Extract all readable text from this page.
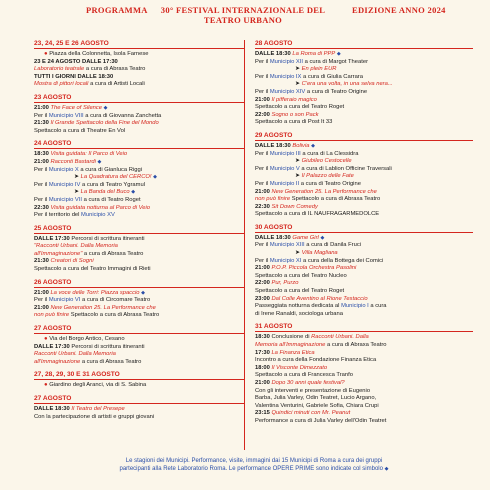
PROGRAMMA	30° FESTIVAL INTERNAZIONALE DEL
TEATRO URBANO
EDIZIONE ANNO 2024
23, 24, 25 E 26 AGOSTO
● Piazza della Colonnetta, Isola Farnese
23 E 24 AGOSTO DALLE 17:30
Laboratorio teatrale a cura di Abraxa Teatro
TUTTI I GIORNI DALLE 18:30
Mostra di pittori locali a cura di Artisti Locali
23 AGOSTO
21:00 The Face of Silence ◆
Per il Municipio VIII a cura di Giovanna Zanchetta
21:30 Il Grande Spettacolo della Fine del Mondo
Spettacolo a cura di Theatre En Vol
24 AGOSTO
18:30 Visita guidata: Il Parco di Veio
21:00 Racconti Bastardi ◆
Per il Municipio X a cura di Gianluca Riggi
➤ La Quadratura del CERCO! ◆
Per il Municipio IV a cura di Teatro Ygramul
➤ La Banda del Buco ◆
Per il Municipio VII a cura di Teatro Roget
22:30 Visita guidata notturna al Parco di Veio
Per il territorio del Municipio XV
25 AGOSTO
DALLE 17:30 Percorsi di scrittura itineranti
"Racconti Urbani. Dalla Memoria
all'Immaginazione" a cura di Abraxa Teatro
21:30 Creatori di Sogni
Spettacolo a cura del Teatro Immagini di Rieti
26 AGOSTO
21:00 La voce delle Torri: Piazza spaccio ◆
Per il Municipio VI a cura di Circomare Teatro
21:00 New Generation 25. La Performance che
non può finire Spettacolo a cura di Abraxa Teatro
27 AGOSTO
● Via del Borgo Antico, Cesano
DALLE 17:30 Percorsi di scrittura itineranti
Racconti Urbani. Dalla Memoria
all'Immaginazione a cura di Abraxa Teatro
27, 28, 29, 30 E 31 AGOSTO
● Giardino degli Aranci, via di S. Sabina
27 AGOSTO
DALLE 18:30 Il Teatro del Presepe
Con la partecipazione di artisti e gruppi giovani
28 AGOSTO
DALLE 18:30 La Roma di PPP ◆
Per il Municipio XII a cura di Margot Theater
➤ En plein EUR
Per il Municipio IX a cura di Giulia Carrara
➤ C'era una volta, in una selva nera...
Per il Municipio XIV a cura di Teatro Origine
21:00 Il pifferaio magico
Spettacolo a cura del Teatro Roget
22:00 Sogno o son Pack
Spettacolo a cura di Post It 33
29 AGOSTO
DALLE 18:30 Bolivia ◆
Per il Municipio III a cura di La Clessidra
➤ Giubileo Cestocelle
Per il Municipio V a cura di Lablion Officine Traversali
➤ Il Palazzo delle Fate
Per il Municipio II a cura di Teatro Origine
21:00 New Generation 25. La Performance che
non può finire Spettacolo a cura di Abraxa Teatro
22:30 Sit Down Comedy
Spettacolo a cura di IL NAUFRAGARMEDOLCE
30 AGOSTO
DALLE 18:30 Game Girl ◆
Per il Municipio XIII a cura di Danila Fruci
➤ Villa Magliana
Per il Municipio XI a cura della Bottega dei Comici
21:00 P.O.P. Piccola Orchestra Pasolini
Spettacolo a cura del Teatro Nucleo
22:00 Pur, Purzo
Spettacolo a cura del Teatro Roget
23:00 Dal Colle Aventino al Rione Testaccio
Passeggiata notturna dedicata al Municipio I a cura
di Irene Ranaldi, sociologa urbana
31 AGOSTO
18:30 Conclusione di Racconti Urbani. Dalla
Memoria all'Immaginazione a cura di Abraxa Teatro
17:30 La Finanza Etica
Incontro a cura della Fondazione Finanza Etica
18:00 Il Visconte Dimezzato
Spettacolo a cura di Francesca Tranfo
21:00 Dopo 30 anni quale festival?
Con gli interventi e presentazione di Eugenio
Barba, Julia Varley, Odin Teatret, Lucio Argano,
Valentina Venturini, Gabriele Sofia, Chiara Crupi
23:15 Quindici minuti con Mr. Peanut
Performance a cura di Julia Varley dell'Odin Teatret
Le stagioni dei Municipi. Performance, visite, immagini dai 15 Municipi di Roma a cura dei gruppi
partecipanti alla Rete Laboratorio Roma. Le performance OPERE PRIME sono indicate col simbolo ◆
